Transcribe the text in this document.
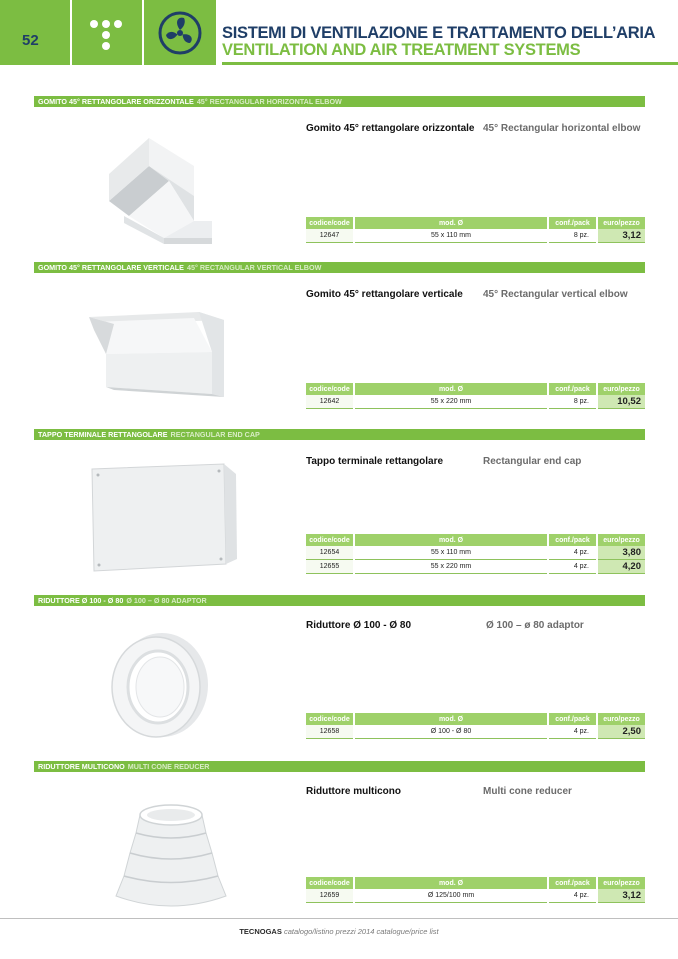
52	SISTEMI DI VENTILAZIONE E TRATTAMENTO DELL’ARIA
VENTILATION AND AIR TREATMENT SYSTEMS
GOMITO 45° RETTANGOLARE ORIZZONTALE 45° RECTANGULAR HORIZONTAL ELBOW
Gomito 45° rettangolare orizzontale 45° Rectangular horizontal elbow
codice/code	mod. Ø	conf./pack	euro/pezzo
12647	55 x 110 mm	8 pz.	3,12
GOMITO 45° RETTANGOLARE VERTICALE 45° RECTANGULAR VERTICAL ELBOW
Gomito 45° rettangolare verticale 45° Rectangular vertical elbow
codice/code	mod. Ø	conf./pack	euro/pezzo
12642	55 x 220 mm	8 pz.	10,52
TAPPO TERMINALE RETTANGOLARE RECTANGULAR END CAP
Tappo terminale rettangolare	Rectangular end cap
codice/code	mod. Ø	conf./pack	euro/pezzo
12654	55 x 110 mm	4 pz.	3,80
12655	55 x 220 mm	4 pz.	4,20
RIDUTTORE Ø 100 - Ø 80 Ø 100 – Ø 80 ADAPTOR
Riduttore Ø 100 - Ø 80	Ø 100 – ø 80 adaptor
codice/code	mod. Ø	conf./pack	euro/pezzo
12658	Ø 100 - Ø 80	4 pz.	2,50
RIDUTTORE MULTICONO MULTI CONE REDUCER
Riduttore multicono	Multi cone reducer
codice/code	mod. Ø	conf./pack	euro/pezzo
12659	Ø 125/100 mm	4 pz.	3,12
TECNOGAS catalogo/listino prezzi 2014 catalogue/price list
